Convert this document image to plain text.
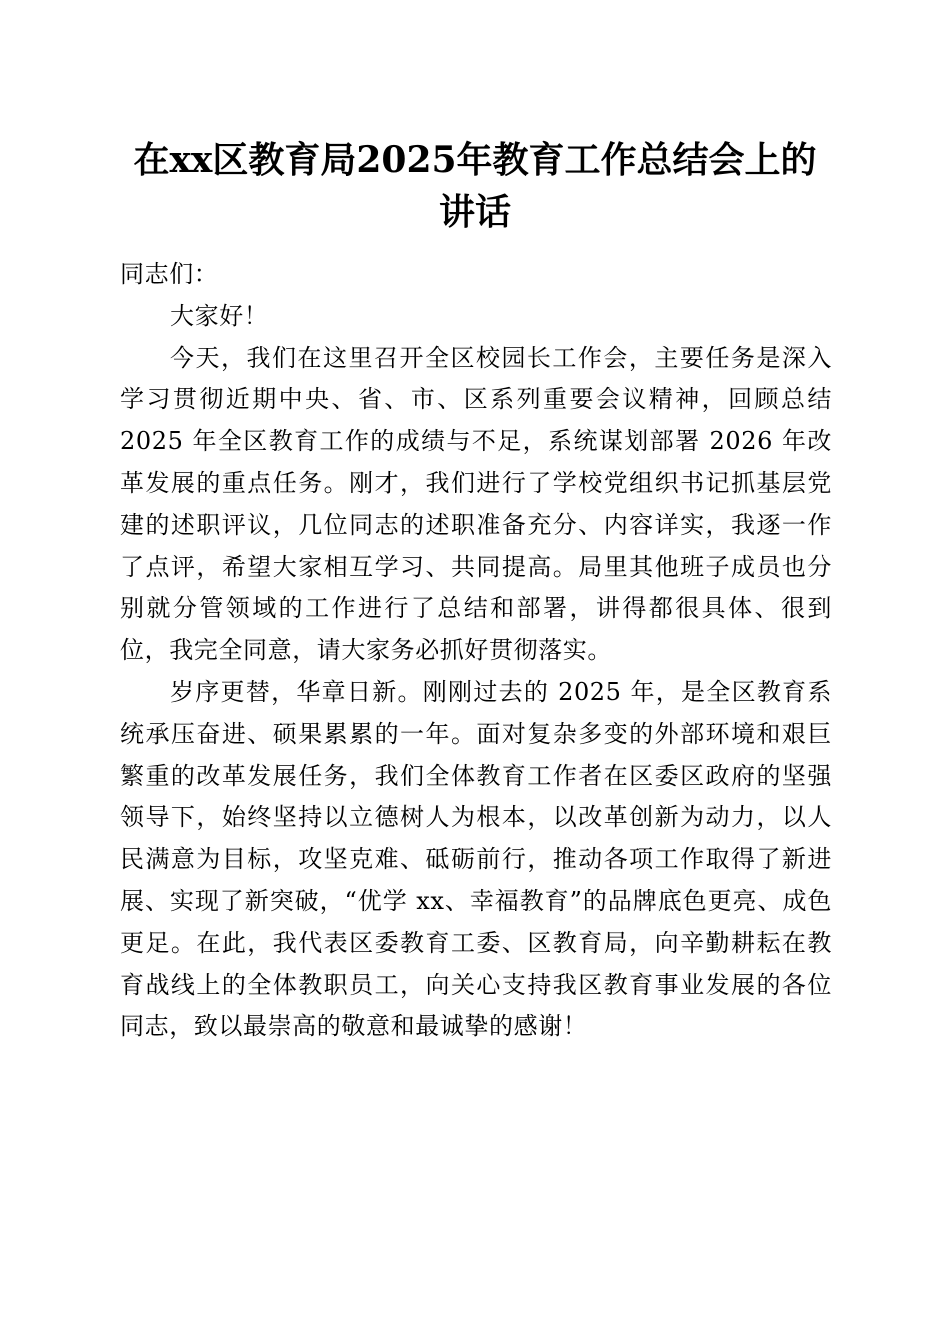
在xx区教育局2025年教育工作总结会上的讲话

同志们：

大家好！

今天，我们在这里召开全区校园长工作会，主要任务是深入学习贯彻近期中央、省、市、区系列重要会议精神，回顾总结 2025 年全区教育工作的成绩与不足，系统谋划部署 2026 年改革发展的重点任务。刚才，我们进行了学校党组织书记抓基层党建的述职评议，几位同志的述职准备充分、内容详实，我逐一作了点评，希望大家相互学习、共同提高。局里其他班子成员也分别就分管领域的工作进行了总结和部署，讲得都很具体、很到位，我完全同意，请大家务必抓好贯彻落实。

岁序更替，华章日新。刚刚过去的 2025 年，是全区教育系统承压奋进、硕果累累的一年。面对复杂多变的外部环境和艰巨繁重的改革发展任务，我们全体教育工作者在区委区政府的坚强领导下，始终坚持以立德树人为根本，以改革创新为动力，以人民满意为目标，攻坚克难、砥砺前行，推动各项工作取得了新进展、实现了新突破，“优学 xx、幸福教育”的品牌底色更亮、成色更足。在此，我代表区委教育工委、区教育局，向辛勤耕耘在教育战线上的全体教职员工，向关心支持我区教育事业发展的各位同志，致以最崇高的敬意和最诚挚的感谢！
